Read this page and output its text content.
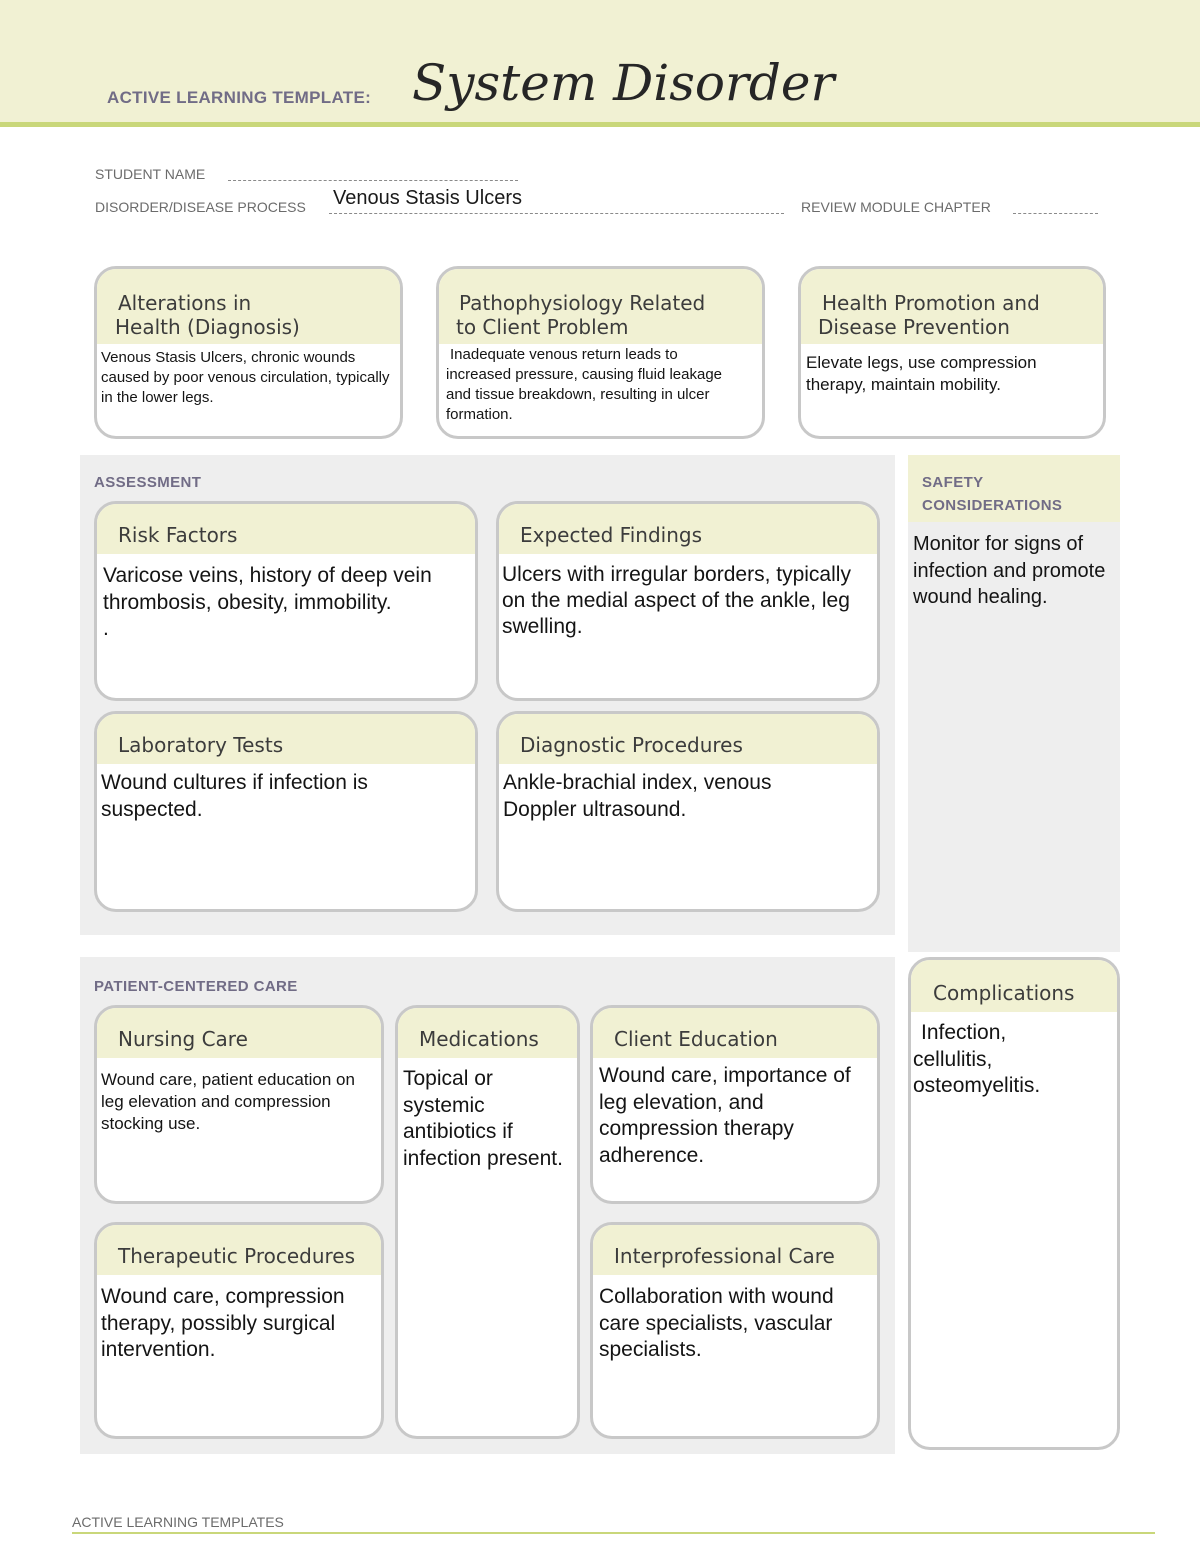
ACTIVE LEARNING TEMPLATE: System Disorder
STUDENT NAME
DISORDER/DISEASE PROCESS Venous Stasis Ulcers	REVIEW MODULE CHAPTER
Alterations in
Health (Diagnosis)
Venous Stasis Ulcers, chronic wounds caused by poor venous circulation, typically in the lower legs.
Pathophysiology Related
to Client Problem
Inadequate venous return leads to increased pressure, causing fluid leakage and tissue breakdown, resulting in ulcer formation.
Health Promotion and
Disease Prevention
Elevate legs, use compression therapy, maintain mobility.
ASSESSMENT
Risk Factors
Varicose veins, history of deep vein thrombosis, obesity, immobility.
.
Expected Findings
Ulcers with irregular borders, typically on the medial aspect of the ankle, leg swelling.
Laboratory Tests
Wound cultures if infection is suspected.
Diagnostic Procedures
Ankle-brachial index, venous Doppler ultrasound.
SAFETY
CONSIDERATIONS
Monitor for signs of infection and promote wound healing.
PATIENT-CENTERED CARE
Nursing Care
Wound care, patient education on leg elevation and compression stocking use.
Medications
Topical or systemic antibiotics if infection present.
Client Education
Wound care, importance of leg elevation, and compression therapy adherence.
Therapeutic Procedures
Wound care, compression therapy, possibly surgical intervention.
Interprofessional Care
Collaboration with wound care specialists, vascular specialists.
Complications
Infection, cellulitis, osteomyelitis.
ACTIVE LEARNING TEMPLATES
